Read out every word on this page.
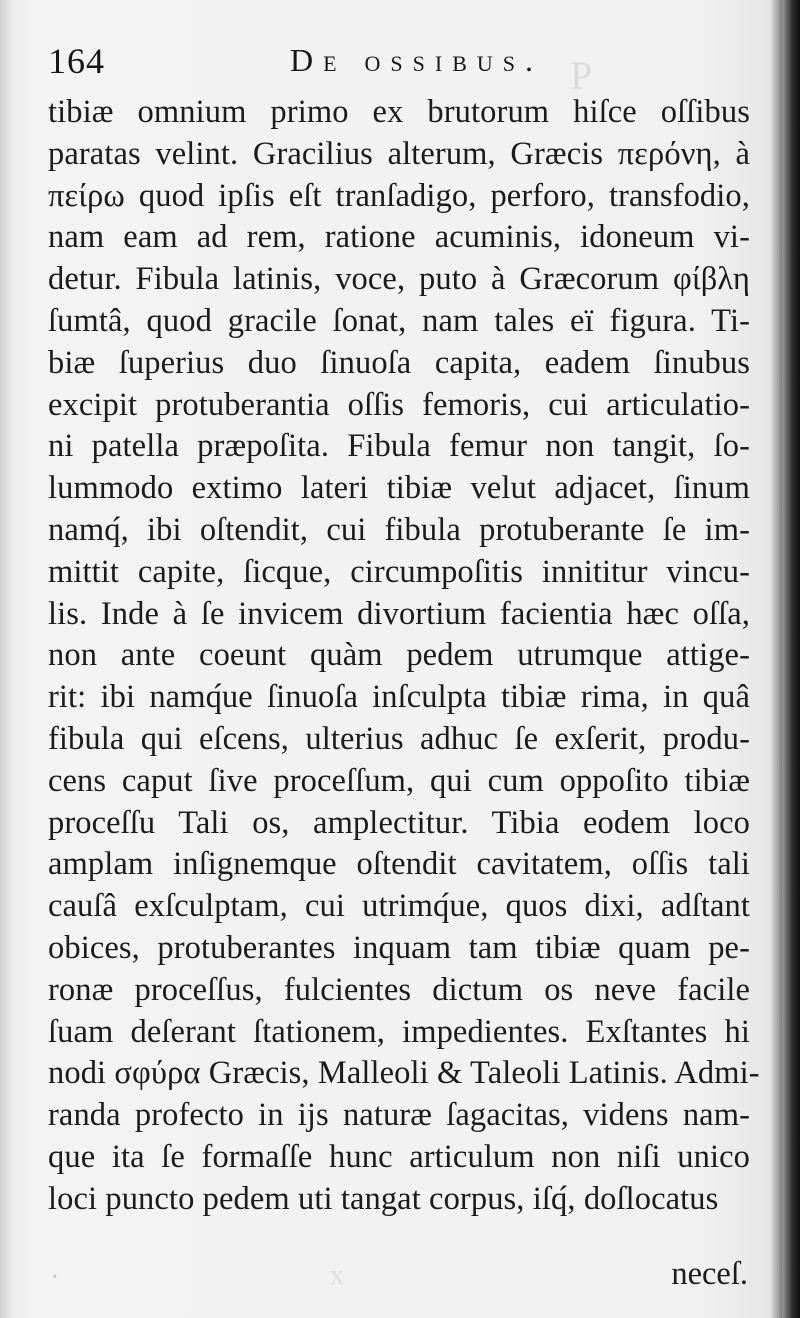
P
x
164	De ossibus.
tibiæ omnium primo ex brutorum hiſce oſſibus
paratas velint. Gracilius alterum, Græcis περόνη, à
πείρω quod ipſis eſt tranſadigo, perforo, transfodio,
nam eam ad rem, ratione acuminis, idoneum vi-
detur. Fibula latinis, voce, puto à Græcorum φίβλη
ſumtâ, quod gracile ſonat, nam tales eï figura. Ti-
biæ ſuperius duo ſinuoſa capita, eadem ſinubus
excipit protuberantia oſſis femoris, cui articulatio-
ni patella præpoſita. Fibula femur non tangit, ſo-
lummodo extimo lateri tibiæ velut adjacet, ſinum
namq́, ibi oſtendit, cui fibula protuberante ſe im-
mittit capite, ſicque, circumpoſitis innititur vincu-
lis. Inde à ſe invicem divortium facientia hæc oſſa,
non ante coeunt quàm pedem utrumque attige-
rit: ibi namq́ue ſinuoſa inſculpta tibiæ rima, in quâ
fibula qui eſcens, ulterius adhuc ſe exſerit, produ-
cens caput ſive proceſſum, qui cum oppoſito tibiæ
proceſſu Tali os, amplectitur. Tibia eodem loco
amplam inſignemque oſtendit cavitatem, oſſis tali
cauſâ exſculptam, cui utrimq́ue, quos dixi, adſtant
obices, protuberantes inquam tam tibiæ quam pe-
ronæ proceſſus, fulcientes dictum os neve facile
ſuam deſerant ſtationem, impedientes. Exſtantes hi
nodi σφύρα Græcis, Malleoli & Taleoli Latinis. Admi-
randa profecto in ijs naturæ ſagacitas, videns nam-
que ita ſe formaſſe hunc articulum non niſi unico
loci puncto pedem uti tangat corpus, iſq́, doſlocatus
·	neceſ.
